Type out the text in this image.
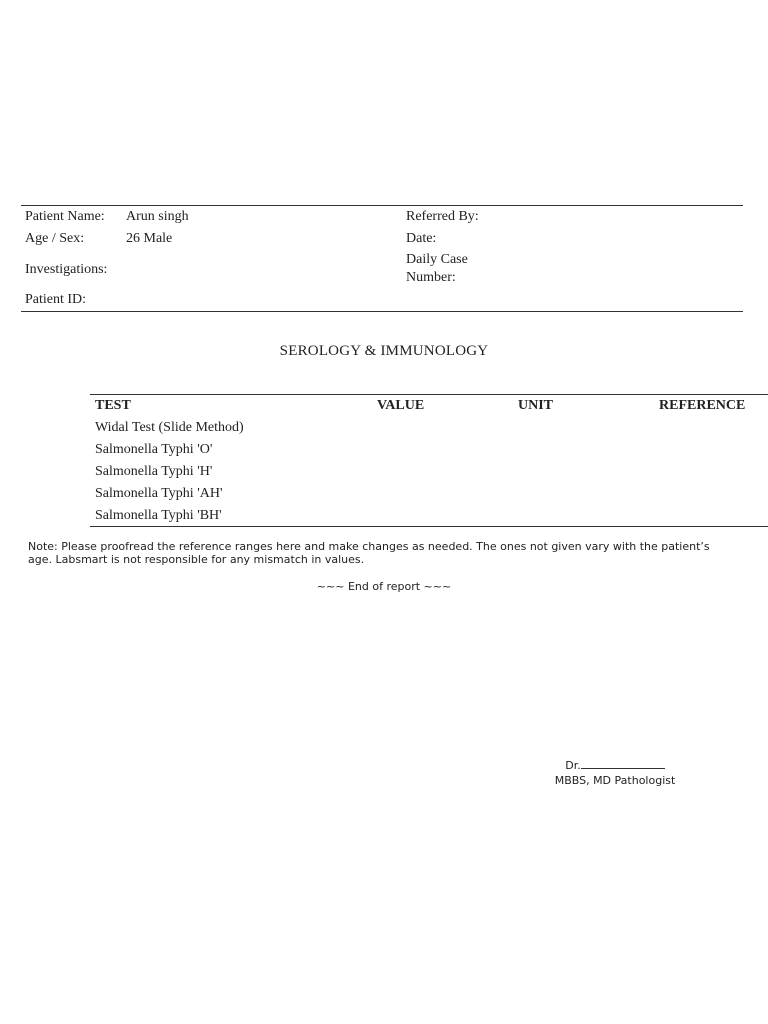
Patient Name: Arun singh	Referred By:
Age / Sex:	26 Male	Date:
Investigations:
Daily Case Number:
Patient ID:
SEROLOGY & IMMUNOLOGY
TEST	VALUE	UNIT	REFERENCE
Widal Test (Slide Method)
Salmonella Typhi 'O'
Salmonella Typhi 'H'
Salmonella Typhi 'AH'
Salmonella Typhi 'BH'
Note: Please proofread the reference ranges here and make changes as needed. The ones not given vary with the patient’s age. Labsmart is not responsible for any mismatch in values.
~~~ End of report ~~~
Dr.
MBBS, MD Pathologist
